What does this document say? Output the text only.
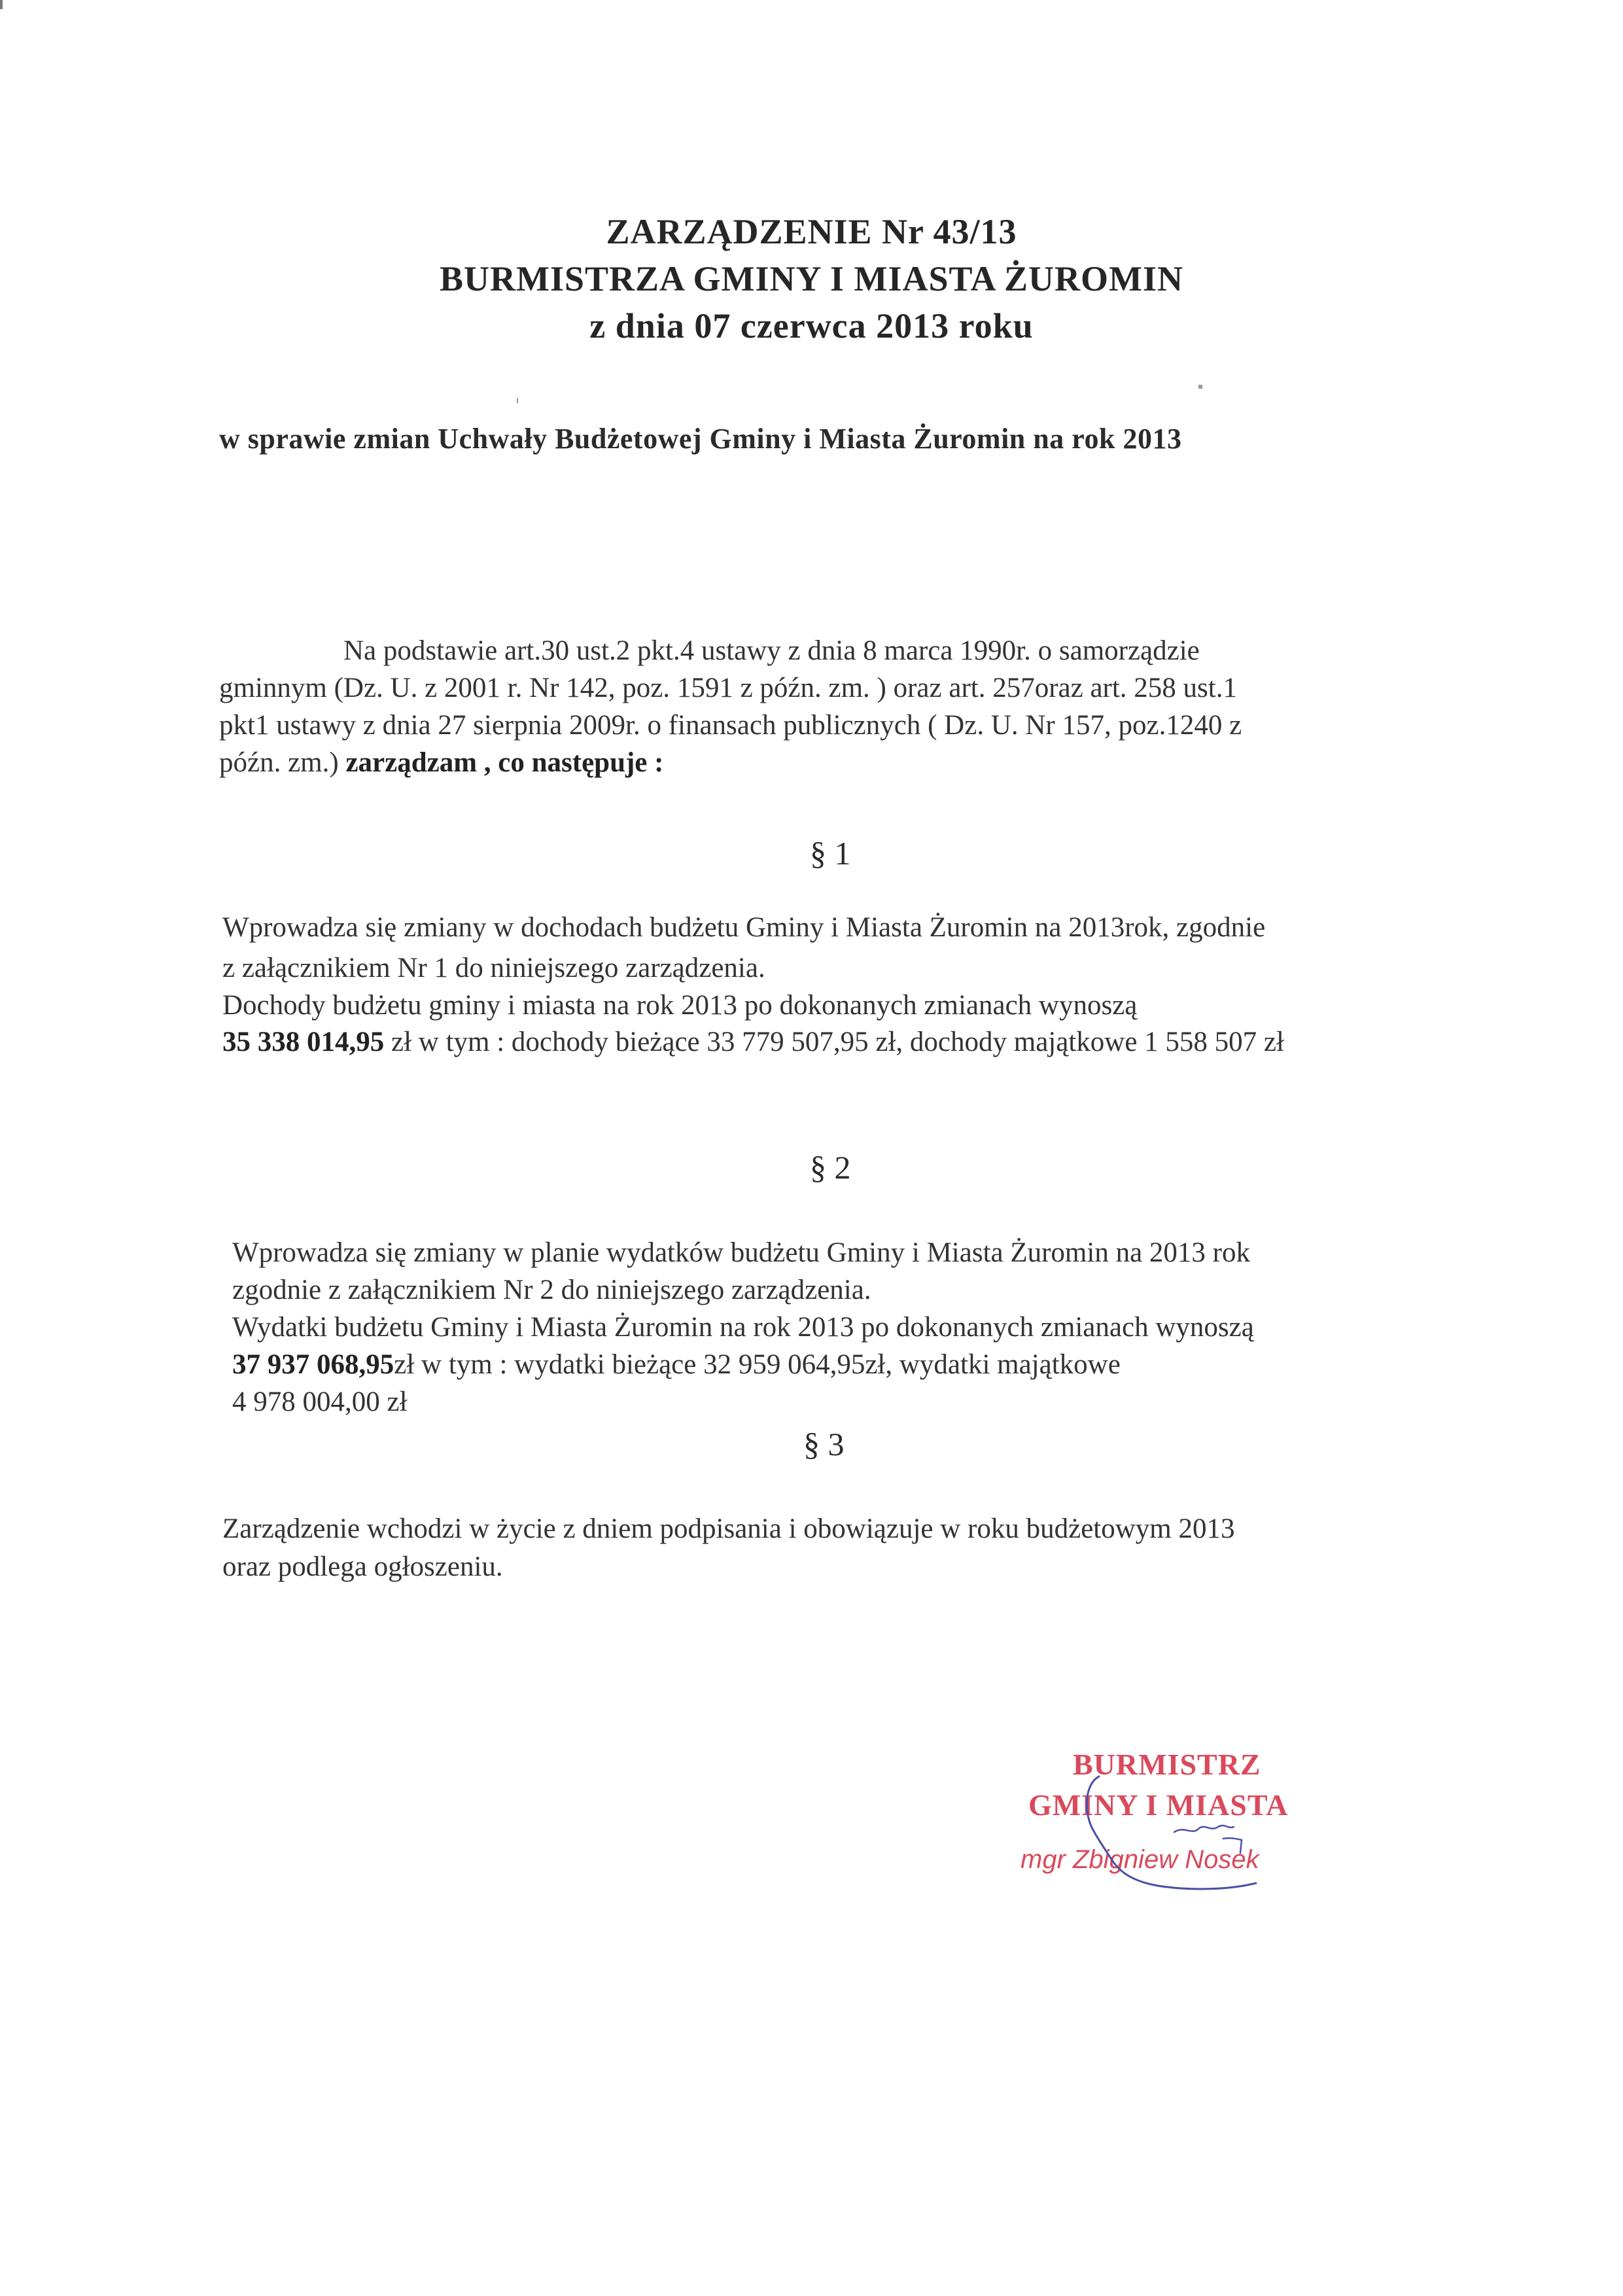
ZARZĄDZENIE Nr 43/13
BURMISTRZA GMINY I MIASTA ŻUROMIN
z dnia 07 czerwca 2013 roku
w sprawie zmian Uchwały Budżetowej Gminy i Miasta Żuromin na rok 2013
Na podstawie art.30 ust.2 pkt.4 ustawy z dnia 8 marca 1990r. o samorządzie
gminnym (Dz. U. z 2001 r. Nr 142, poz. 1591 z późn. zm. ) oraz art. 257oraz art. 258 ust.1
pkt1 ustawy z dnia 27 sierpnia 2009r. o finansach publicznych ( Dz. U. Nr 157, poz.1240 z
późn. zm.) zarządzam , co następuje :
§ 1
Wprowadza się zmiany w dochodach budżetu Gminy i Miasta Żuromin na 2013rok, zgodnie
z załącznikiem Nr 1 do niniejszego zarządzenia.
Dochody budżetu gminy i miasta na rok 2013 po dokonanych zmianach wynoszą
35 338 014,95 zł w tym : dochody bieżące 33 779 507,95 zł, dochody majątkowe 1 558 507 zł
§ 2
Wprowadza się zmiany w planie wydatków budżetu Gminy i Miasta Żuromin na 2013 rok
zgodnie z załącznikiem Nr 2 do niniejszego zarządzenia.
Wydatki budżetu Gminy i Miasta Żuromin na rok 2013 po dokonanych zmianach wynoszą
37 937 068,95zł w tym : wydatki bieżące 32 959 064,95zł, wydatki majątkowe
4 978 004,00 zł
§ 3
Zarządzenie wchodzi w życie z dniem podpisania i obowiązuje w roku budżetowym 2013
oraz podlega ogłoszeniu.
BURMISTRZ
GMINY I MIASTA
mgr Zbigniew Nosek
